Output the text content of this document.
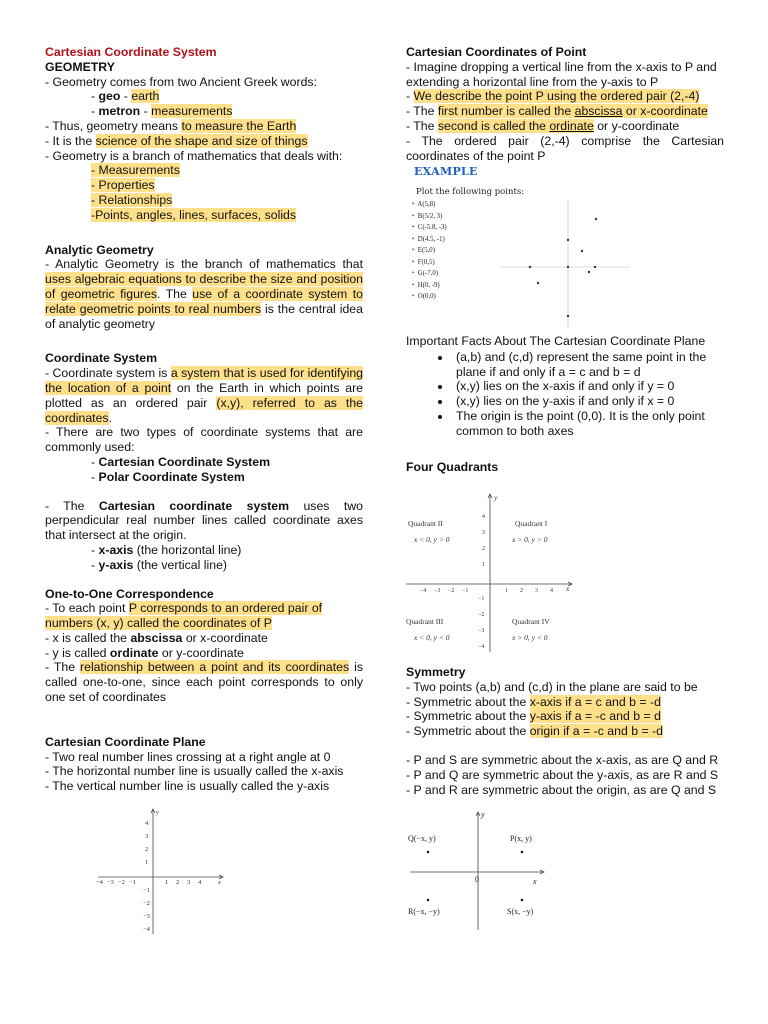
Cartesian Coordinate System

GEOMETRY

- Geometry comes from two Ancient Greek words:

- geo - earth

- metron - measurements

- Thus, geometry means to measure the Earth

- It is the science of the shape and size of things

- Geometry is a branch of mathematics that deals with:

- Measurements

- Properties

- Relationships

-Points, angles, lines, surfaces, solids

Analytic Geometry

- Analytic Geometry is the branch of mathematics that uses algebraic equations to describe the size and position of geometric figures. The use of a coordinate system to relate geometric points to real numbers is the central idea of analytic geometry

Coordinate System

- Coordinate system is a system that is used for identifying the location of a point on the Earth in which points are plotted as an ordered pair (x,y), referred to as the coordinates.

- There are two types of coordinate systems that are commonly used:

- Cartesian Coordinate System

- Polar Coordinate System

- The Cartesian coordinate system uses two perpendicular real number lines called coordinate axes that intersect at the origin.

- x-axis (the horizontal line)

- y-axis (the vertical line)

One-to-One Correspondence

- To each point P corresponds to an ordered pair of numbers (x, y) called the coordinates of P

- x is called the abscissa or x-coordinate

- y is called ordinate or y-coordinate

- The relationship between a point and its coordinates is called one-to-one, since each point corresponds to only one set of coordinates

Cartesian Coordinate Plane

- Two real number lines crossing at a right angle at 0

- The horizontal number line is usually called the x-axis

- The vertical number line is usually called the y-axis

−4 −3 −2 −1	1 2 3 4	x
y
4
3
2
1
−1
−2
−3
−4

Cartesian Coordinates of Point

- Imagine dropping a vertical line from the x-axis to P and extending a horizontal line from the y-axis to P

- We describe the point P using the ordered pair (2,-4)

- The first number is called the abscissa or x-coordinate

- The second is called the ordinate or y-coordinate

- The ordered pair (2,-4) comprise the Cartesian coordinates of the point P

EXAMPLE
Plot the following points:
• A(5,8)
• B(5/2, 3)
• C(-5.8, -3)
• D(4.5, -1)
• E(5,0)
• F(0,5)
• G(-7,0)
• H(0, -9)
• O(0,0)

Important Facts About The Cartesian Coordinate Plane

• (a,b) and (c,d) represent the same point in the plane if and only if a = c and b = d
• (x,y) lies on the x-axis if and only if y = 0
• (x,y) lies on the y-axis if and only if x = 0
• The origin is the point (0,0). It is the only point common to both axes

Four Quadrants

y
x
Quadrant II
x < 0, y > 0
Quadrant I
x > 0, y > 0
Quadrant III
x < 0, y < 0
Quadrant IV
x > 0, y < 0
−4 −3 −2 −1	1 2 3 4
4
3
2
1
−1
−2
−3
−4

Symmetry

- Two points (a,b) and (c,d) in the plane are said to be

- Symmetric about the x-axis if a = c and b = -d

- Symmetric about the y-axis if a = -c and b = d

- Symmetric about the origin if a = -c and b = -d

- P and S are symmetric about the x-axis, as are Q and R

- P and Q are symmetric about the y-axis, as are R and S

- P and R are symmetric about the origin, as are Q and S

y
x
0
Q(−x, y)	P(x, y)
R(−x, −y)	S(x, −y)
